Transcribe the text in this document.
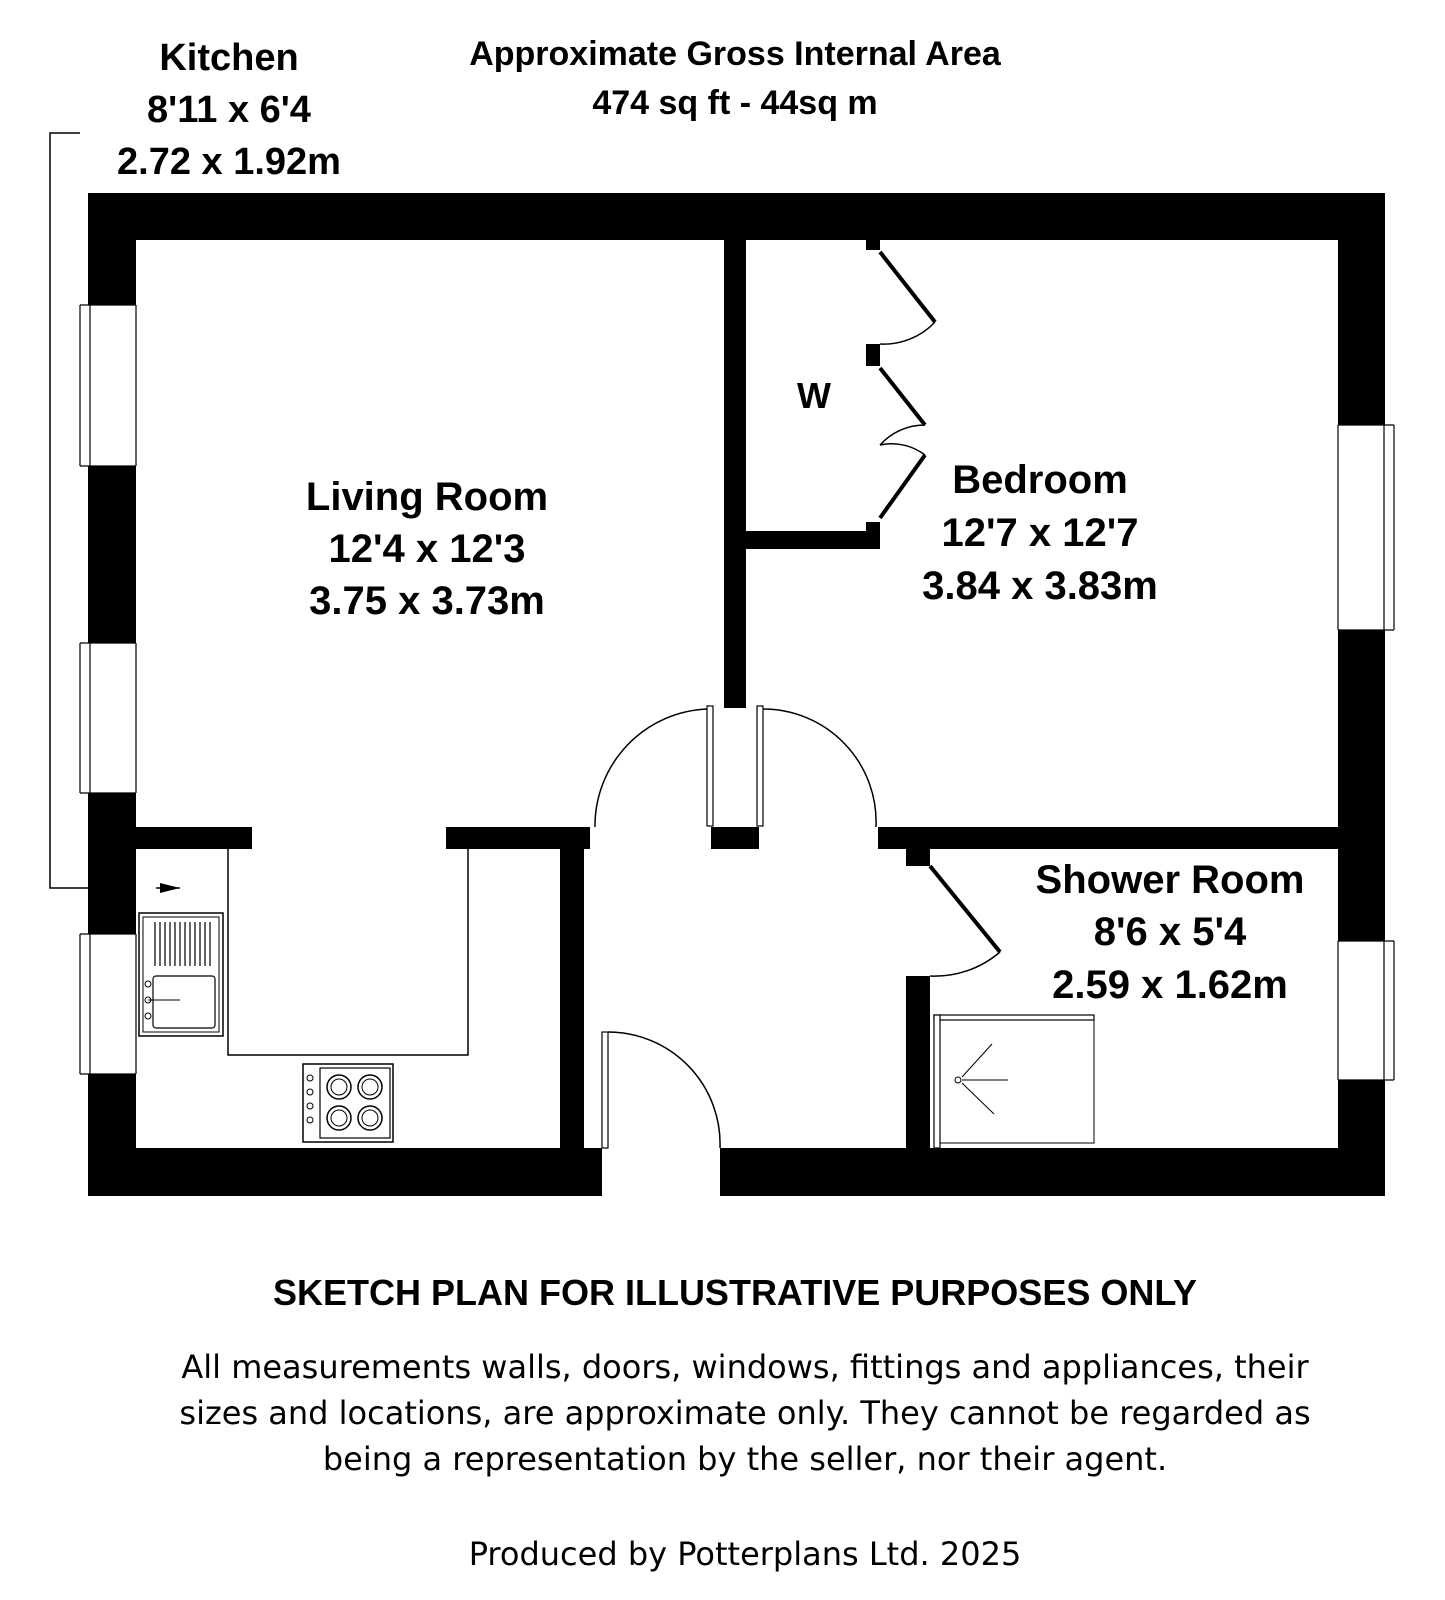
Kitchen
8'11 x 6'4
2.72 x 1.92m
Approximate Gross Internal Area
474 sq ft - 44sq m
W
Living Room
12'4 x 12'3
3.75 x 3.73m
Bedroom
12'7 x 12'7
3.84 x 3.83m
Shower Room
8'6 x 5'4
2.59 x 1.62m
SKETCH PLAN FOR ILLUSTRATIVE PURPOSES ONLY
All measurements walls, doors, windows, fittings and appliances, their
sizes and locations, are approximate only. They cannot be regarded as
being a representation by the seller, nor their agent.
Produced by Potterplans Ltd. 2025
